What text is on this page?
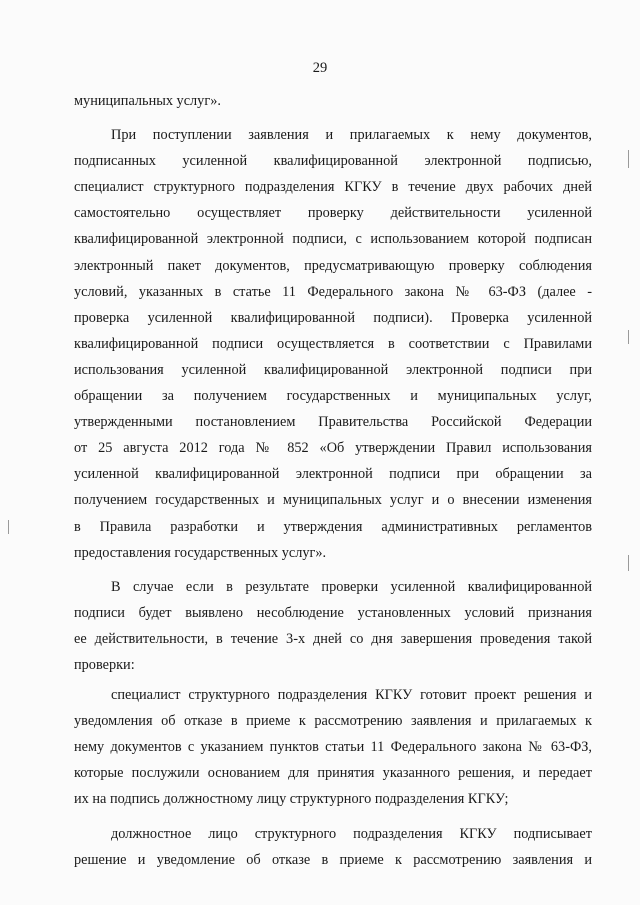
29
муниципальных услуг».
При поступлении заявления и прилагаемых к нему документов,
подписанных усиленной квалифицированной электронной подписью,
специалист структурного подразделения КГКУ в течение двух рабочих дней
самостоятельно осуществляет проверку действительности усиленной
квалифицированной электронной подписи, с использованием которой подписан
электронный пакет документов, предусматривающую проверку соблюдения
условий, указанных в статье 11 Федерального закона № 63-ФЗ (далее -
проверка усиленной квалифицированной подписи). Проверка усиленной
квалифицированной подписи осуществляется в соответствии с Правилами
использования усиленной квалифицированной электронной подписи при
обращении за получением государственных и муниципальных услуг,
утвержденными постановлением Правительства Российской Федерации
от 25 августа 2012 года № 852 «Об утверждении Правил использования
усиленной квалифицированной электронной подписи при обращении за
получением государственных и муниципальных услуг и о внесении изменения
в Правила разработки и утверждения административных регламентов
предоставления государственных услуг».
В случае если в результате проверки усиленной квалифицированной
подписи будет выявлено несоблюдение установленных условий признания
ее действительности, в течение 3-х дней со дня завершения проведения такой
проверки:
специалист структурного подразделения КГКУ готовит проект решения и
уведомления об отказе в приеме к рассмотрению заявления и прилагаемых к
нему документов с указанием пунктов статьи 11 Федерального закона № 63-ФЗ,
которые послужили основанием для принятия указанного решения, и передает
их на подпись должностному лицу структурного подразделения КГКУ;
должностное лицо структурного подразделения КГКУ подписывает
решение и уведомление об отказе в приеме к рассмотрению заявления и
